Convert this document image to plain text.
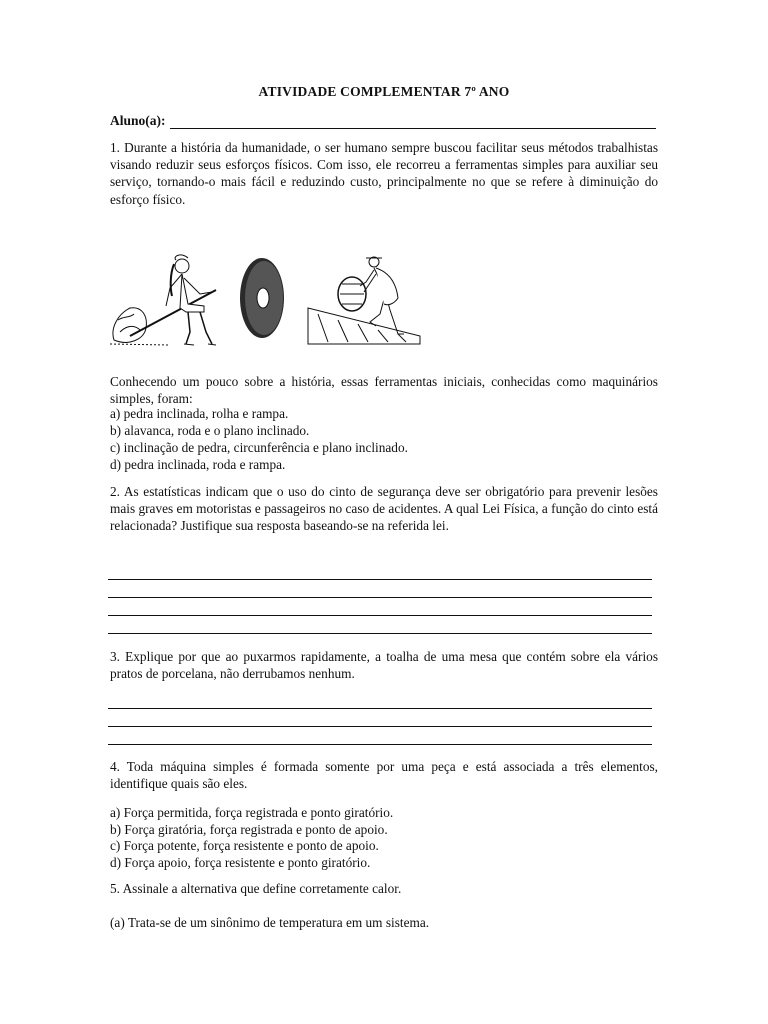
ATIVIDADE COMPLEMENTAR 7º ANO
Aluno(a):
1. Durante a história da humanidade, o ser humano sempre buscou facilitar seus métodos trabalhistas visando reduzir seus esforços físicos. Com isso, ele recorreu a ferramentas simples para auxiliar seu serviço, tornando-o mais fácil e reduzindo custo, principalmente no que se refere à diminuição do esforço físico.
Conhecendo um pouco sobre a história, essas ferramentas iniciais, conhecidas como maquinários simples, foram:
a) pedra inclinada, rolha e rampa.
b) alavanca, roda e o plano inclinado.
c) inclinação de pedra, circunferência e plano inclinado.
d) pedra inclinada, roda e rampa.
2. As estatísticas indicam que o uso do cinto de segurança deve ser obrigatório para prevenir lesões mais graves em motoristas e passageiros no caso de acidentes. A qual Lei Física, a função do cinto está relacionada? Justifique sua resposta baseando-se na referida lei.
3. Explique por que ao puxarmos rapidamente, a toalha de uma mesa que contém sobre ela vários pratos de porcelana, não derrubamos nenhum.
4. Toda máquina simples é formada somente por uma peça e está associada a três elementos, identifique quais são eles.
a) Força permitida, força registrada e ponto giratório.
b) Força giratória, força registrada e ponto de apoio.
c) Força potente, força resistente e ponto de apoio.
d) Força apoio, força resistente e ponto giratório.
5. Assinale a alternativa que define corretamente calor.
(a) Trata-se de um sinônimo de temperatura em um sistema.
